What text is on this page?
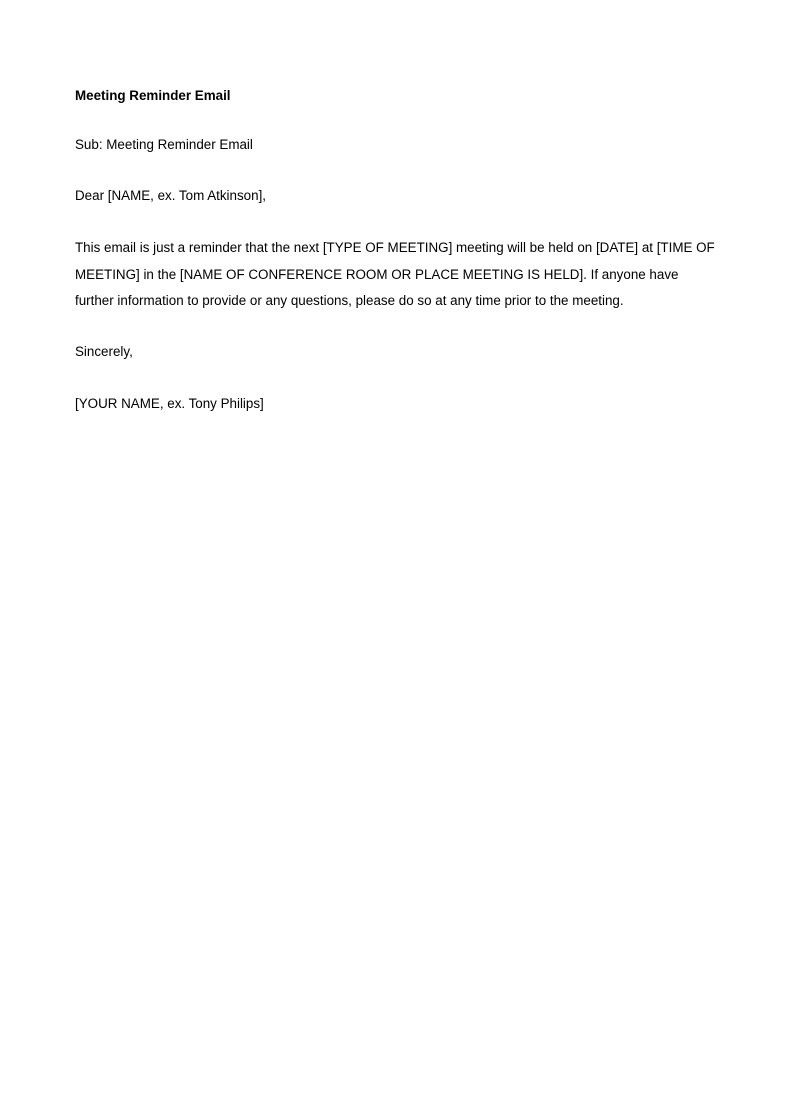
Meeting Reminder Email
Sub: Meeting Reminder Email
Dear [NAME, ex. Tom Atkinson],
This email is just a reminder that the next [TYPE OF MEETING] meeting will be held on [DATE] at [TIME OF
MEETING] in the [NAME OF CONFERENCE ROOM OR PLACE MEETING IS HELD]. If anyone have
further information to provide or any questions, please do so at any time prior to the meeting.
Sincerely,
[YOUR NAME, ex. Tony Philips]
